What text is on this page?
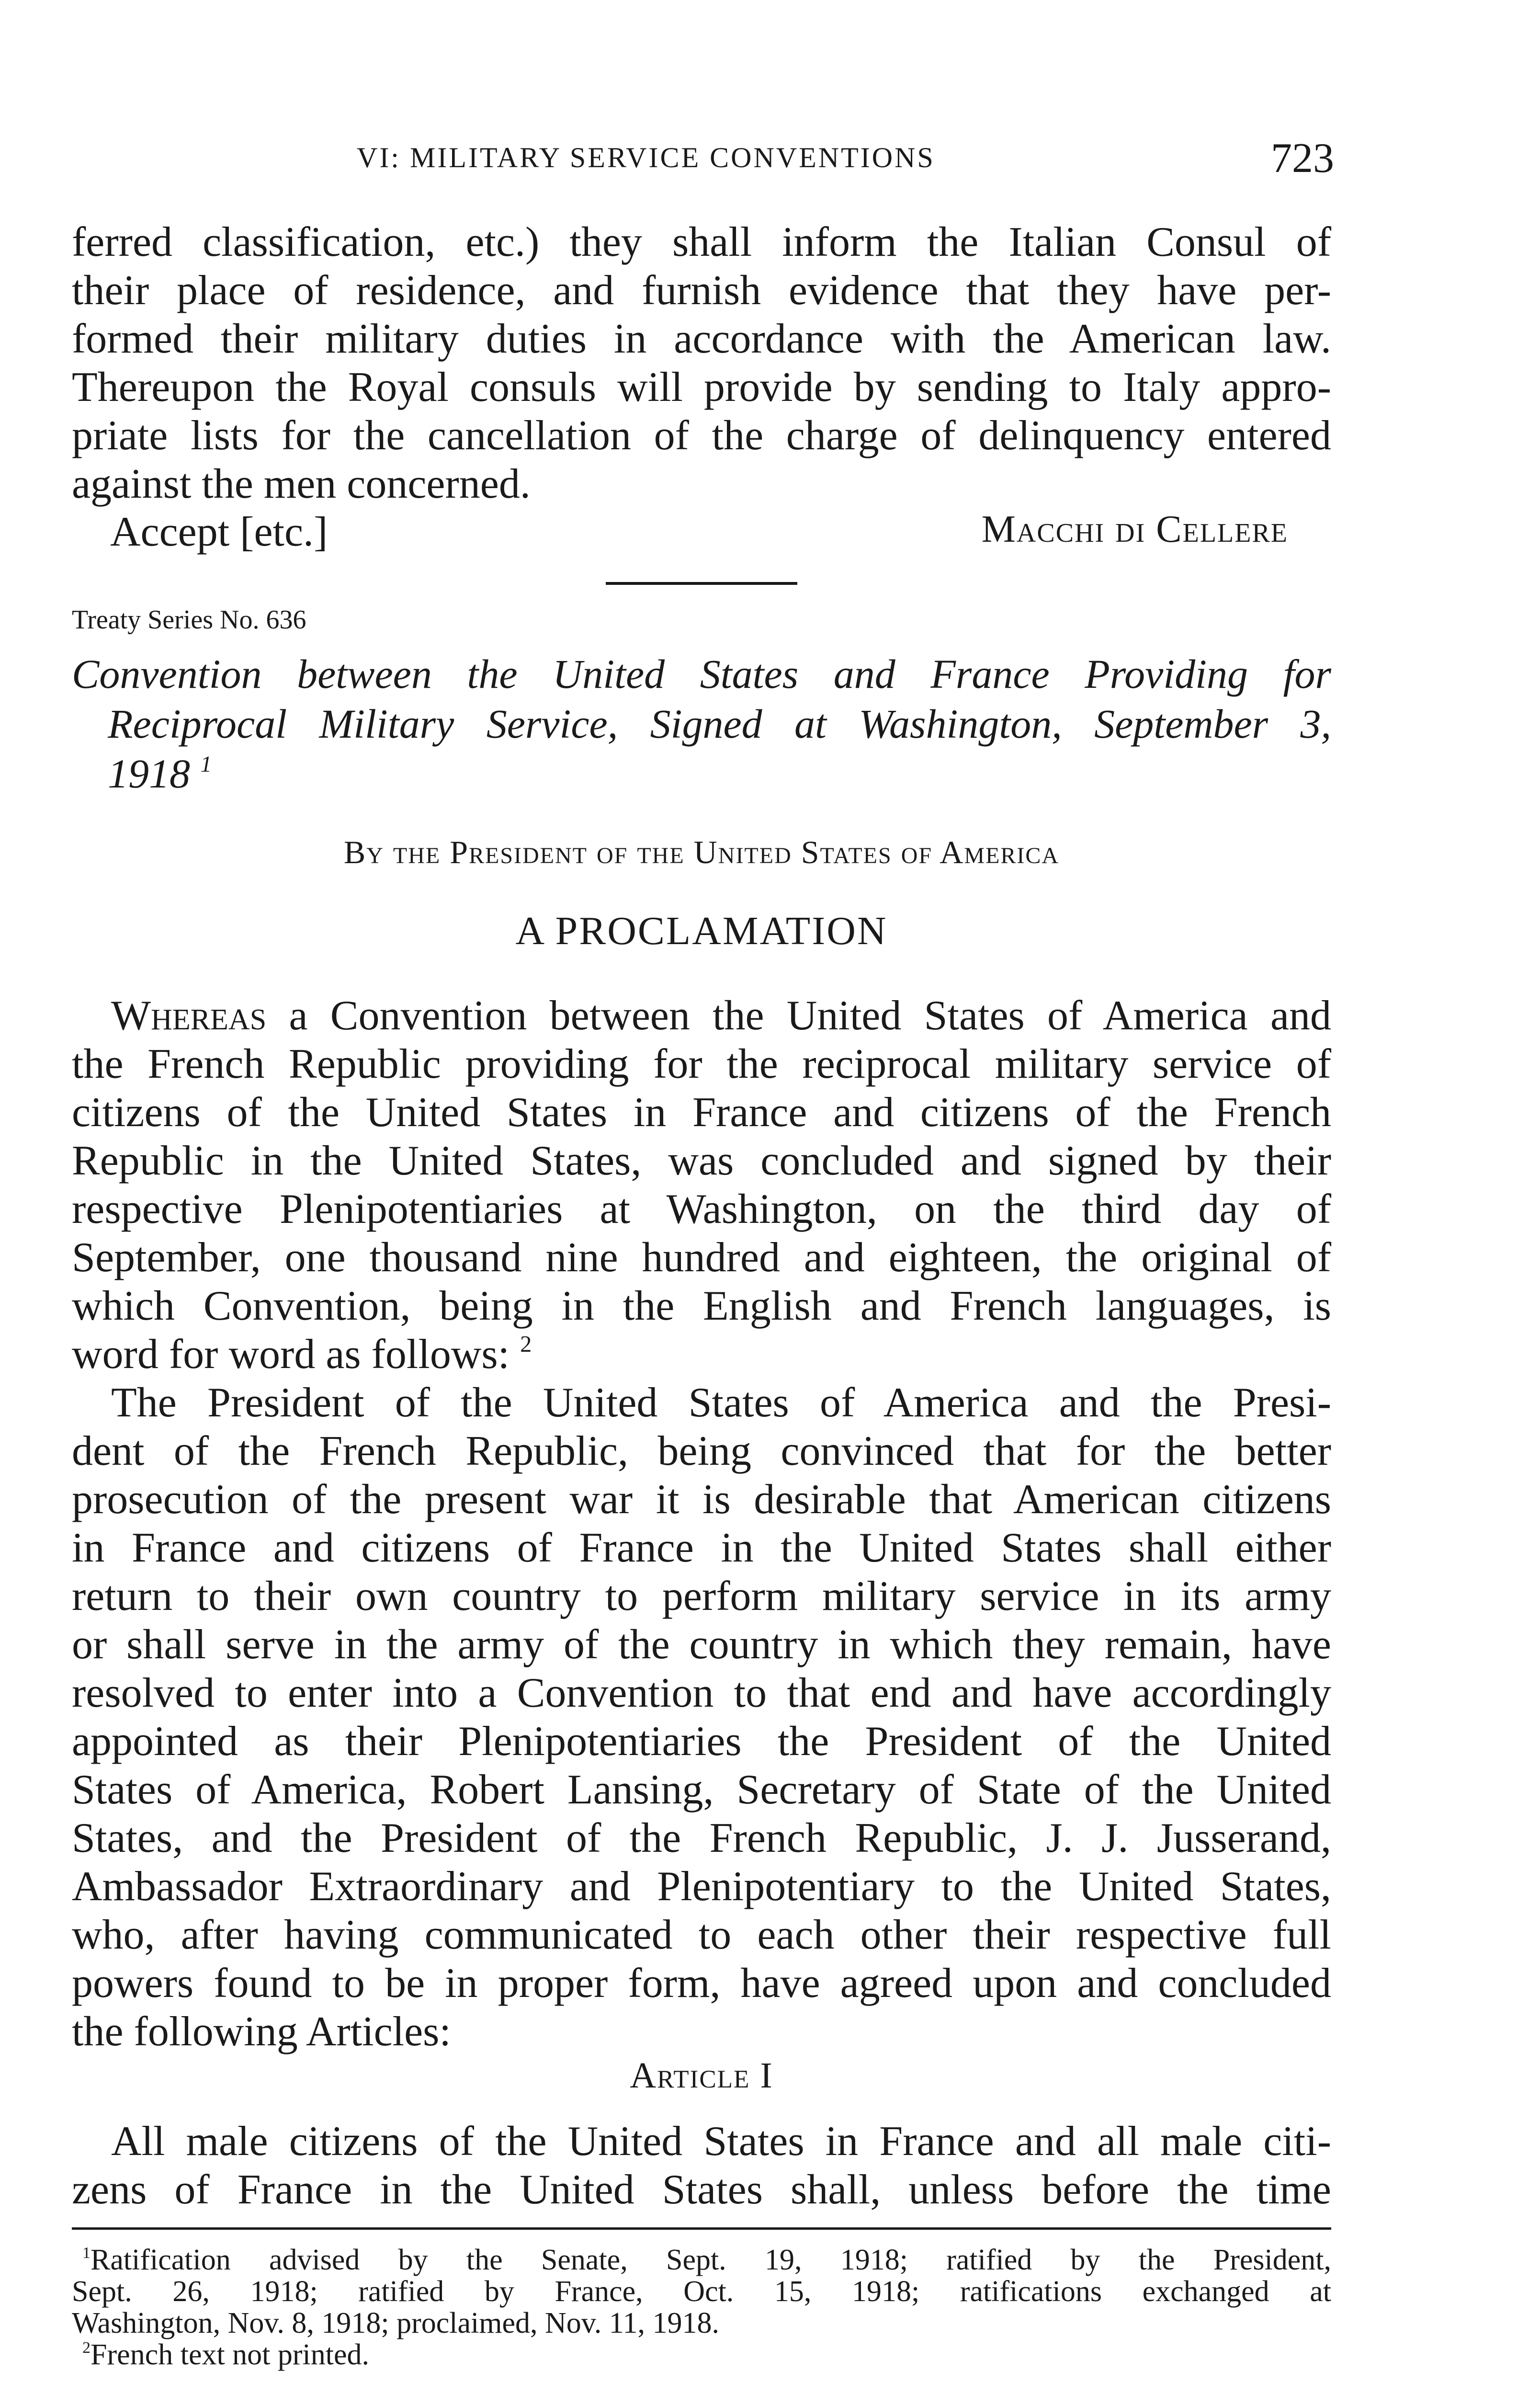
VI: MILITARY SERVICE CONVENTIONS	723

ferred classification, etc.) they shall inform the Italian Consul of
their place of residence, and furnish evidence that they have per-
formed their military duties in accordance with the American law.
Thereupon the Royal consuls will provide by sending to Italy appro-
priate lists for the cancellation of the charge of delinquency entered
against the men concerned.

Accept [etc.]	Macchi di Cellere
Treaty Series No. 636
Convention between the United States and France Providing for
Reciprocal Military Service, Signed at Washington, September 3,
1918 $^1$
By the President of the United States of America
A PROCLAMATION

Whereas a Convention between the United States of America and
the French Republic providing for the reciprocal military service of
citizens of the United States in France and citizens of the French
Republic in the United States, was concluded and signed by their
respective Plenipotentiaries at Washington, on the third day of
September, one thousand nine hundred and eighteen, the original of
which Convention, being in the English and French languages, is
word for word as follows: $^2$

The President of the United States of America and the Presi-
dent of the French Republic, being convinced that for the better
prosecution of the present war it is desirable that American citizens
in France and citizens of France in the United States shall either
return to their own country to perform military service in its army
or shall serve in the army of the country in which they remain, have
resolved to enter into a Convention to that end and have accordingly
appointed as their Plenipotentiaries the President of the United
States of America, Robert Lansing, Secretary of State of the United
States, and the President of the French Republic, J. J. Jusserand,
Ambassador Extraordinary and Plenipotentiary to the United States,
who, after having communicated to each other their respective full
powers found to be in proper form, have agreed upon and concluded
the following Articles:

Article I

All male citizens of the United States in France and all male citi-
zens of France in the United States shall, unless before the time

$^1$Ratification advised by the Senate, Sept. 19, 1918; ratified by the President,
Sept. 26, 1918; ratified by France, Oct. 15, 1918; ratifications exchanged at
Washington, Nov. 8, 1918; proclaimed, Nov. 11, 1918.
$^2$French text not printed.
